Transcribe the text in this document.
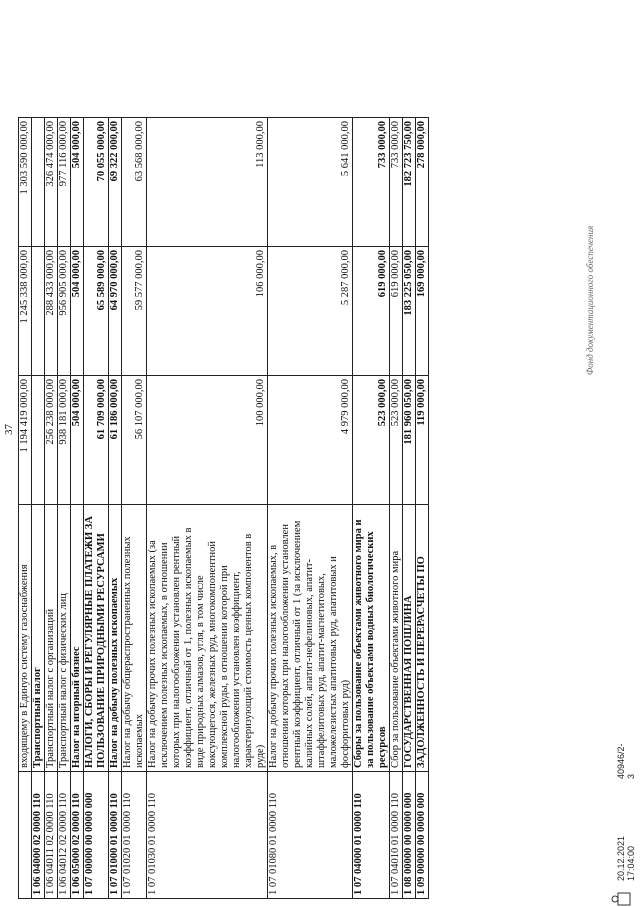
37
	входящему в Единую систему газоснабжения	1 194 419 000,00	1 245 338 000,00	1 303 590 000,00
1 06 04000 02 0000 110	Транспортный налог			
1 06 04011 02 0000 110	Транспортный налог с организаций	256 238 000,00	288 433 000,00	326 474 000,00
1 06 04012 02 0000 110	Транспортный налог с физических лиц	938 181 000,00	956 905 000,00	977 116 000,00
1 06 05000 02 0000 110	Налог на игорный бизнес	504 000,00	504 000,00	504 000,00
1 07 00000 00 0000 000	НАЛОГИ, СБОРЫ И РЕГУЛЯРНЫЕ ПЛАТЕЖИ ЗА ПОЛЬЗОВАНИЕ ПРИРОДНЫМИ РЕСУРСАМИ	61 709 000,00	65 589 000,00	70 055 000,00
1 07 01000 01 0000 110	Налог на добычу полезных ископаемых	61 186 000,00	64 970 000,00	69 322 000,00
1 07 01020 01 0000 110	Налог на добычу общераспространенных полезных ископаемых	56 107 000,00	59 577 000,00	63 568 000,00
1 07 01030 01 0000 110	Налог на добычу прочих полезных ископаемых (за исключением полезных ископаемых, в отношении которых при налогообложении установлен рентный коэффициент, отличный от 1, полезных ископаемых в виде природных алмазов, угля, в том числе коксующегося, железных руд, многокомпонентной комплексной руды, в отношении которой при налогообложении установлен коэффициент, характеризующий стоимость ценных компонентов в руде)	100 000,00	106 000,00	113 000,00
1 07 01080 01 0000 110	Налог на добычу прочих полезных ископаемых, в отношении которых при налогообложении установлен рентный коэффициент, отличный от 1 (за исключением калийных солей, апатит-нефелиновых, апатит-штаффелитовых руд, апатит-магнетитовых, маложелезистых апатитовых руд, апатитовых и фосфоритовых руд)	4 979 000,00	5 287 000,00	5 641 000,00
1 07 04000 01 0000 110	Сборы за пользование объектами животного мира и за пользование объектами водных биологических ресурсов	523 000,00	619 000,00	733 000,00
1 07 04010 01 0000 110	Сбор за пользование объектами животного мира	523 000,00	619 000,00	733 000,00
1 08 00000 00 0000 000	ГОСУДАРСТВЕННАЯ ПОШЛИНА	181 960 050,00	183 225 050,00	182 723 750,00
1 09 00000 00 0000 000	ЗАДОЛЖЕННОСТЬ И ПЕРЕРАСЧЕТЫ ПО	119 000,00	169 000,00	278 000,00
Фонд документационного обеспечения
20.12.2021 17:04:00
40946/2-3
